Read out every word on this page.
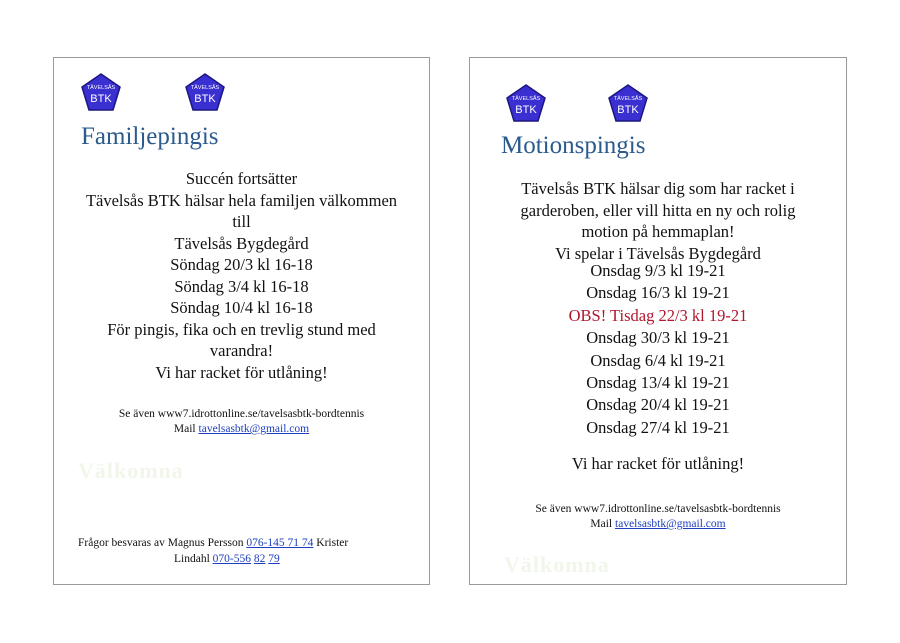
TÄVELSÅS
BTK
TÄVELSÅS
BTK
Familjepingis
Succén fortsätter
Tävelsås BTK hälsar hela familjen välkommen
till
Tävelsås Bygdegård
Söndag 20/3 kl 16-18
Söndag 3/4 kl 16-18
Söndag 10/4 kl 16-18
För pingis, fika och en trevlig stund med
varandra!
Vi har racket för utlåning!
Se även www7.idrottonline.se/tavelsasbtk-bordtennis
Mail tavelsasbtk@gmail.com
Välkomna
Frågor besvaras av Magnus Persson 076-145 71 74 Krister
Lindahl 070-556 82 79
TÄVELSÅS
BTK
TÄVELSÅS
BTK
Motionspingis
Tävelsås BTK hälsar dig som har racket i
garderoben, eller vill hitta en ny och rolig
motion på hemmaplan!
Vi spelar i Tävelsås Bygdegård
Onsdag 9/3 kl 19-21
Onsdag 16/3 kl 19-21
OBS! Tisdag 22/3 kl 19-21
Onsdag 30/3 kl 19-21
Onsdag 6/4 kl 19-21
Onsdag 13/4 kl 19-21
Onsdag 20/4 kl 19-21
Onsdag 27/4 kl 19-21
Vi har racket för utlåning!
Se även www7.idrottonline.se/tavelsasbtk-bordtennis
Mail tavelsasbtk@gmail.com
Välkomna
